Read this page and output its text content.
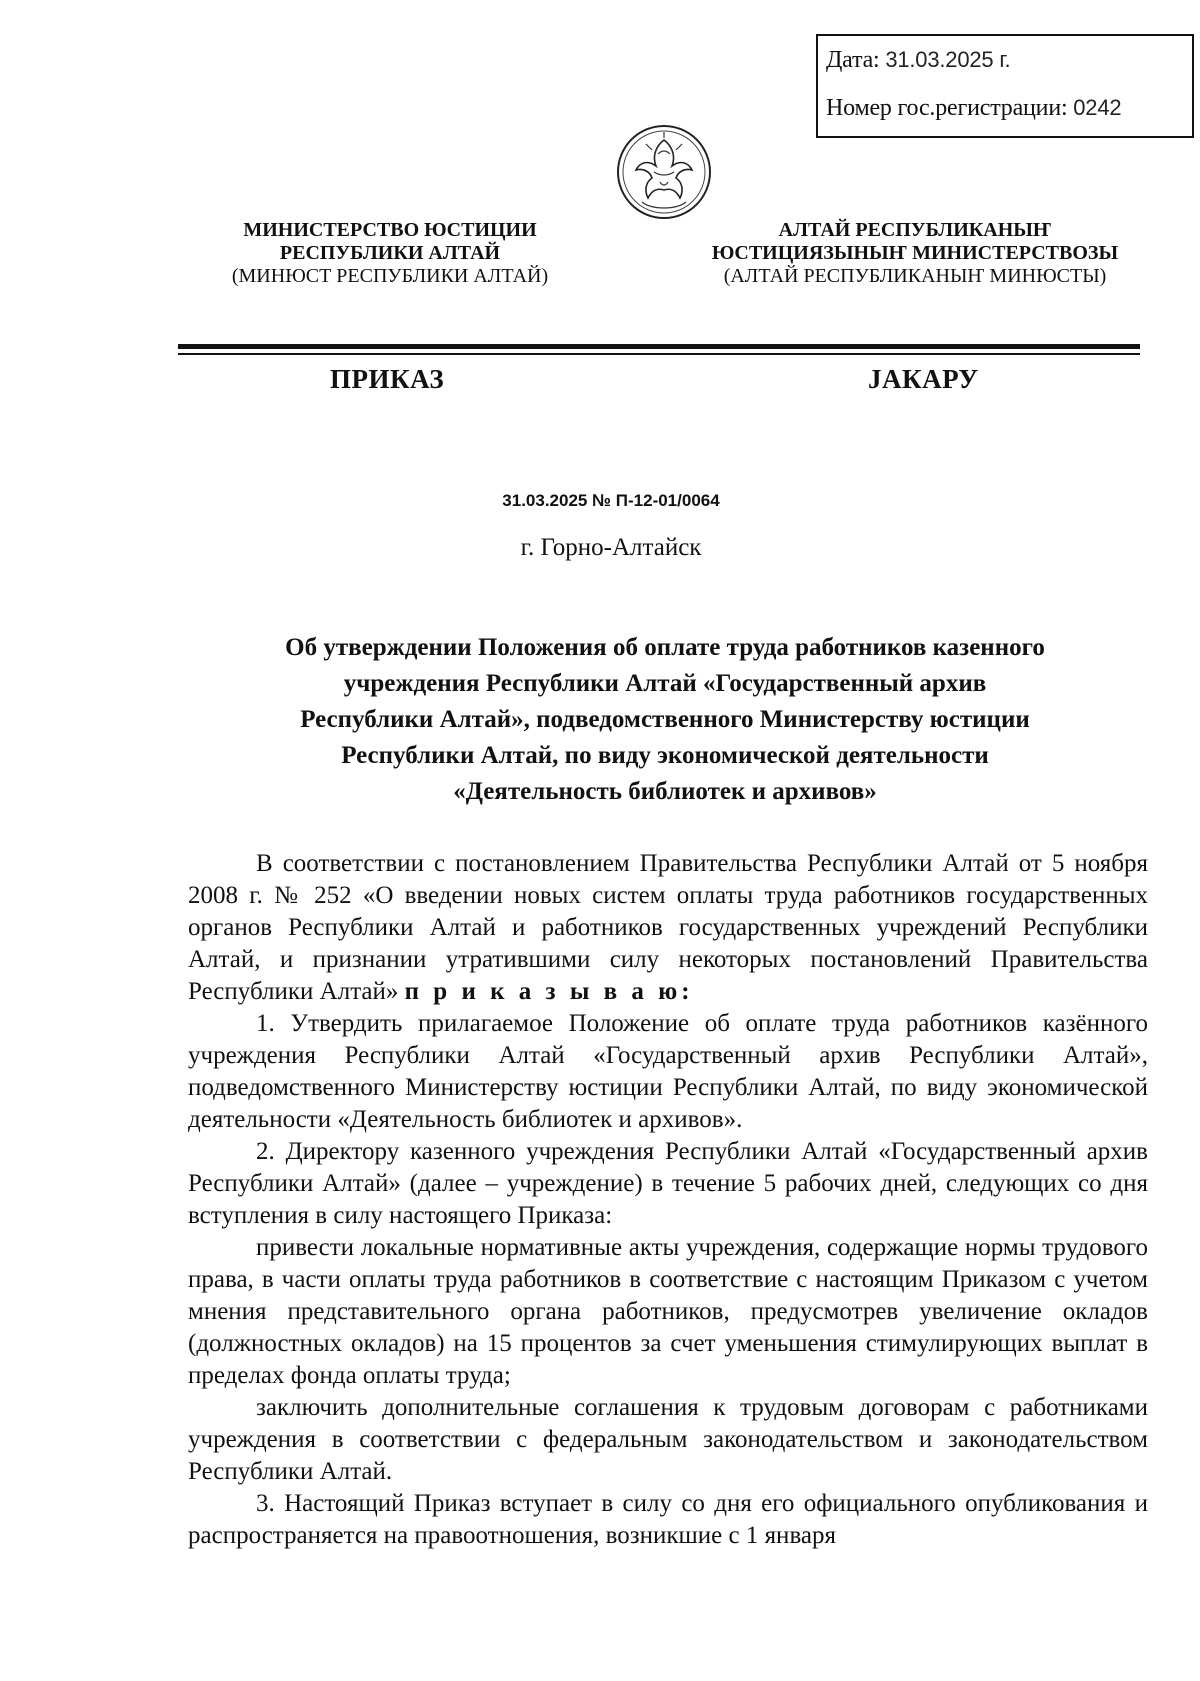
Дата: 31.03.2025 г.
Номер гос.регистрации: 0242
МИНИСТЕРСТВО ЮСТИЦИИ
РЕСПУБЛИКИ АЛТАЙ
(МИНЮСТ РЕСПУБЛИКИ АЛТАЙ)
АЛТАЙ РЕСПУБЛИКАНЫҤ
ЮСТИЦИЯЗЫНЫҤ МИНИСТЕРСТВОЗЫ
(АЛТАЙ РЕСПУБЛИКАНЫҤ МИНЮСТЫ)
ПРИКАЗ	JАКАРУ
31.03.2025 № П-12-01/0064
г. Горно-Алтайск
Об утверждении Положения об оплате труда работников казенного
учреждения Республики Алтай «Государственный архив
Республики Алтай», подведомственного Министерству юстиции
Республики Алтай, по виду экономической деятельности
«Деятельность библиотек и архивов»

В соответствии с постановлением Правительства Республики Алтай от 5 ноября 2008 г. № 252 «О введении новых систем оплаты труда работников государственных органов Республики Алтай и работников государственных учреждений Республики Алтай, и признании утратившими силу некоторых постановлений Правительства Республики Алтай» п р и к а з ы в а ю:

1. Утвердить прилагаемое Положение об оплате труда работников казённого учреждения Республики Алтай «Государственный архив Республики Алтай», подведомственного Министерству юстиции Республики Алтай, по виду экономической деятельности «Деятельность библиотек и архивов».

2. Директору казенного учреждения Республики Алтай «Государственный архив Республики Алтай» (далее – учреждение) в течение 5 рабочих дней, следующих со дня вступления в силу настоящего Приказа:

привести локальные нормативные акты учреждения, содержащие нормы трудового права, в части оплаты труда работников в соответствие с настоящим Приказом с учетом мнения представительного органа работников, предусмотрев увеличение окладов (должностных окладов) на 15 процентов за счет уменьшения стимулирующих выплат в пределах фонда оплаты труда;

заключить дополнительные соглашения к трудовым договорам с работниками учреждения в соответствии с федеральным законодательством и законодательством Республики Алтай.

3. Настоящий Приказ вступает в силу со дня его официального опубликования и распространяется на правоотношения, возникшие с 1 января
